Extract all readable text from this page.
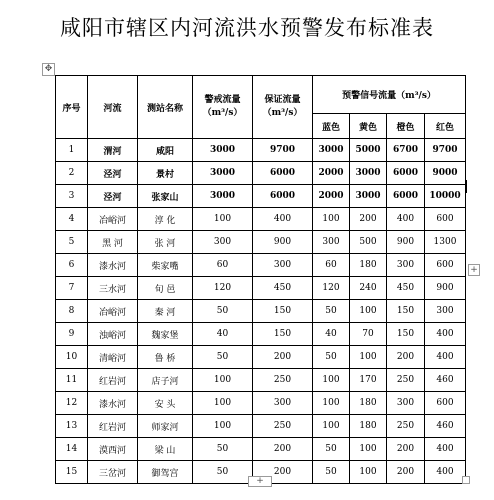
咸阳市辖区内河流洪水预警发布标准表
✥
序号	河流	测站名称	警戒流量（m³/s）	保证流量（m³/s）	预警信号流量（m³/s）			
					蓝色	黄色	橙色	红色
1	渭河	咸阳	3000	9700	3000	5000	6700	9700
2	泾河	景村	3000	6000	2000	3000	6000	9000
3	泾河	张家山	3000	6000	2000	3000	6000	10000
4	冶峪河	淳 化	100	400	100	200	400	600
5	黑 河	张 河	300	900	300	500	900	1300
6	漆水河	柴家嘴	60	300	60	180	300	600
7	三水河	旬 邑	120	450	120	240	450	900
8	冶峪河	秦 河	50	150	50	100	150	300
9	浊峪河	魏家堡	40	150	40	70	150	400
10	清峪河	鲁 桥	50	200	50	100	200	400
11	红岩河	店子河	100	250	100	170	250	460
12	漆水河	安 头	100	300	100	180	300	600
13	红岩河	师家河	100	250	100	180	250	460
14	漠西河	梁 山	50	200	50	100	200	400
15	三岔河	御驾宫	50	200	50	100	200	400
+
+
